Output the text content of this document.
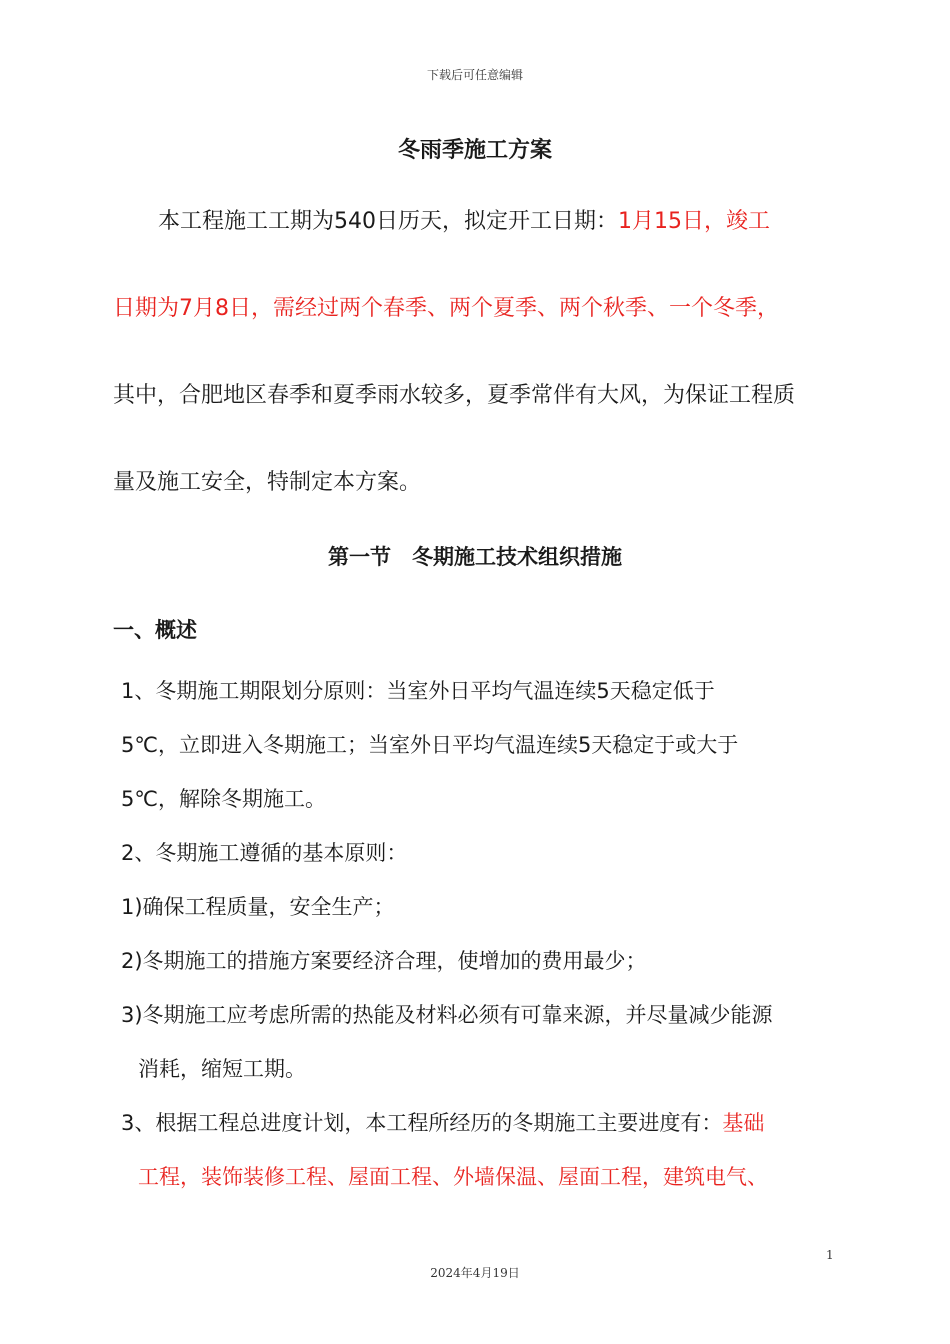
下载后可任意编辑
冬雨季施工方案
本工程施工工期为540日历天，拟定开工日期：1月15日，竣工
日期为7月8日，需经过两个春季、两个夏季、两个秋季、一个冬季，
其中，合肥地区春季和夏季雨水较多，夏季常伴有大风，为保证工程质
量及施工安全，特制定本方案。
第一节　冬期施工技术组织措施
一、概述
1、冬期施工期限划分原则：当室外日平均气温连续5天稳定低于
5℃，立即进入冬期施工；当室外日平均气温连续5天稳定于或大于
5℃，解除冬期施工。
2、冬期施工遵循的基本原则：
1)确保工程质量，安全生产；
2)冬期施工的措施方案要经济合理，使增加的费用最少；
3)冬期施工应考虑所需的热能及材料必须有可靠来源，并尽量减少能源
消耗，缩短工期。
3、根据工程总进度计划，本工程所经历的冬期施工主要进度有：基础
工程，装饰装修工程、屋面工程、外墙保温、屋面工程，建筑电气、
1
2024年4月19日
